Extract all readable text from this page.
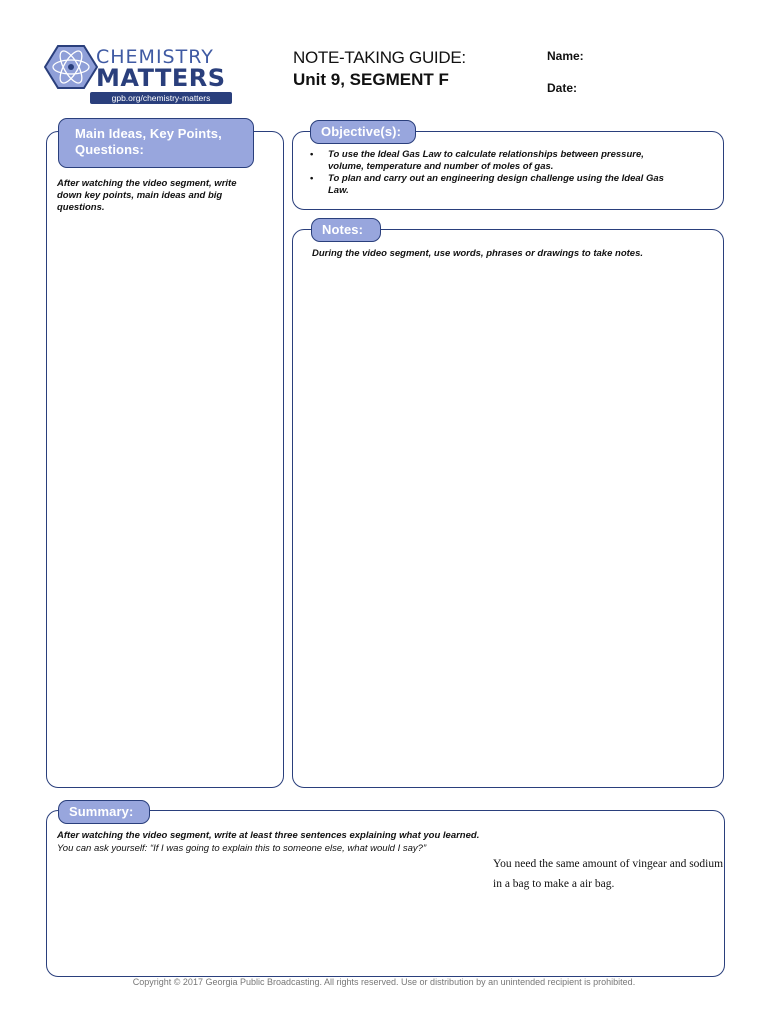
CHEMISTRY
MATTERS
gpb.org/chemistry-matters
NOTE-TAKING GUIDE:
Unit 9, SEGMENT F
Name:
Date:
Main Ideas, Key Points,
Questions:
After watching the video segment, write
down key points, main ideas and big
questions.
Objective(s):
• To use the Ideal Gas Law to calculate relationships between pressure,
volume, temperature and number of moles of gas.
• To plan and carry out an engineering design challenge using the Ideal Gas
Law.
Notes:
During the video segment, use words, phrases or drawings to take notes.
Summary:
After watching the video segment, write at least three sentences explaining what you learned.
You can ask yourself: “If I was going to explain this to someone else, what would I say?”
You need the same amount of vingear and sodium
in a bag to make a air bag.
Copyright © 2017 Georgia Public Broadcasting. All rights reserved. Use or distribution by an unintended recipient is prohibited.
